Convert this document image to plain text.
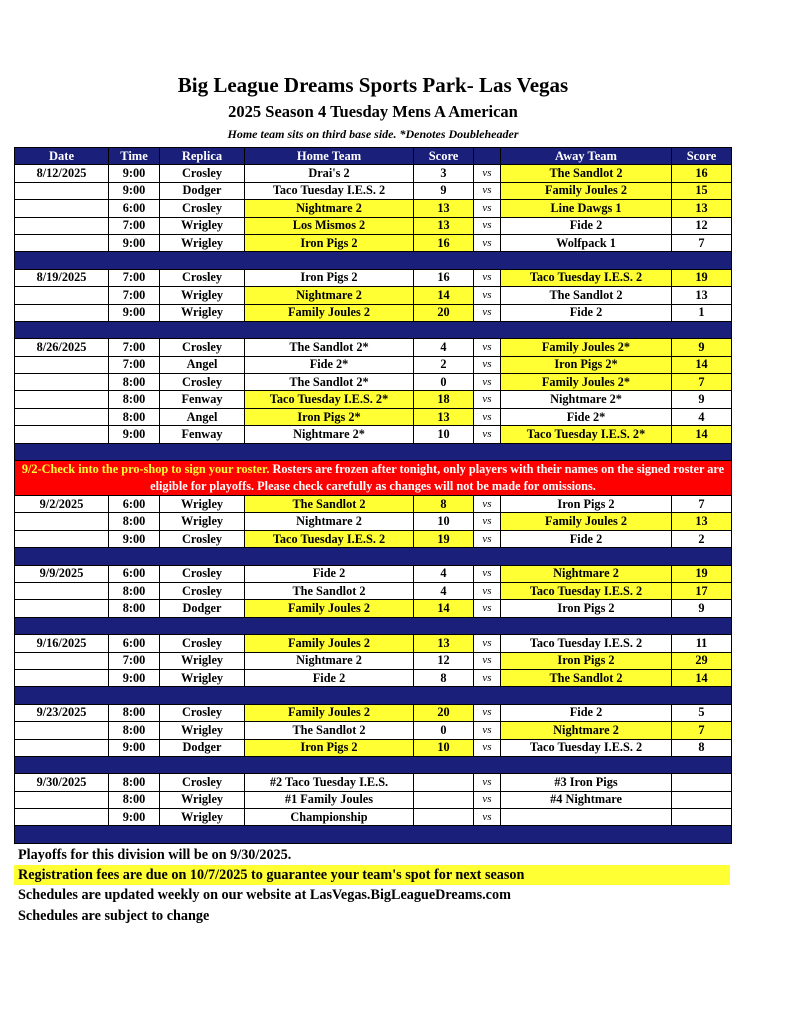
Big League Dreams Sports Park- Las Vegas
2025 Season 4 Tuesday Mens A American
Home team sits on third base side. *Denotes Doubleheader
Date	Time	Replica	Home Team	Score		Away Team	Score
8/12/2025	9:00	Crosley	Drai's 2	3	vs	The Sandlot 2	16
	9:00	Dodger	Taco Tuesday I.E.S. 2	9	vs	Family Joules 2	15
	6:00	Crosley	Nightmare 2	13	vs	Line Dawgs 1	13
	7:00	Wrigley	Los Mismos 2	13	vs	Fide 2	12
	9:00	Wrigley	Iron Pigs 2	16	vs	Wolfpack 1	7

8/19/2025	7:00	Crosley	Iron Pigs 2	16	vs	Taco Tuesday I.E.S. 2	19
	7:00	Wrigley	Nightmare 2	14	vs	The Sandlot 2	13
	9:00	Wrigley	Family Joules 2	20	vs	Fide 2	1

8/26/2025	7:00	Crosley	The Sandlot 2*	4	vs	Family Joules 2*	9
	7:00	Angel	Fide 2*	2	vs	Iron Pigs 2*	14
	8:00	Crosley	The Sandlot 2*	0	vs	Family Joules 2*	7
	8:00	Fenway	Taco Tuesday I.E.S. 2*	18	vs	Nightmare 2*	9
	8:00	Angel	Iron Pigs 2*	13	vs	Fide 2*	4
	9:00	Fenway	Nightmare 2*	10	vs	Taco Tuesday I.E.S. 2*	14

9/2-Check into the pro-shop to sign your roster. Rosters are frozen after tonight, only players with their names on the signed roster are eligible for playoffs. Please check carefully as changes will not be made for omissions.							
9/2/2025	6:00	Wrigley	The Sandlot 2	8	vs	Iron Pigs 2	7
	8:00	Wrigley	Nightmare 2	10	vs	Family Joules 2	13
	9:00	Crosley	Taco Tuesday I.E.S. 2	19	vs	Fide 2	2

9/9/2025	6:00	Crosley	Fide 2	4	vs	Nightmare 2	19
	8:00	Crosley	The Sandlot 2	4	vs	Taco Tuesday I.E.S. 2	17
	8:00	Dodger	Family Joules 2	14	vs	Iron Pigs 2	9

9/16/2025	6:00	Crosley	Family Joules 2	13	vs	Taco Tuesday I.E.S. 2	11
	7:00	Wrigley	Nightmare 2	12	vs	Iron Pigs 2	29
	9:00	Wrigley	Fide 2	8	vs	The Sandlot 2	14

9/23/2025	8:00	Crosley	Family Joules 2	20	vs	Fide 2	5
	8:00	Wrigley	The Sandlot 2	0	vs	Nightmare 2	7
	9:00	Dodger	Iron Pigs 2	10	vs	Taco Tuesday I.E.S. 2	8

9/30/2025	8:00	Crosley	#2 Taco Tuesday I.E.S.		vs	#3 Iron Pigs	
	8:00	Wrigley	#1 Family Joules		vs	#4 Nightmare	
	9:00	Wrigley	Championship		vs		

Playoffs for this division will be on 9/30/2025.
Registration fees are due on 10/7/2025 to guarantee your team's spot for next season
Schedules are updated weekly on our website at LasVegas.BigLeagueDreams.com
Schedules are subject to change
